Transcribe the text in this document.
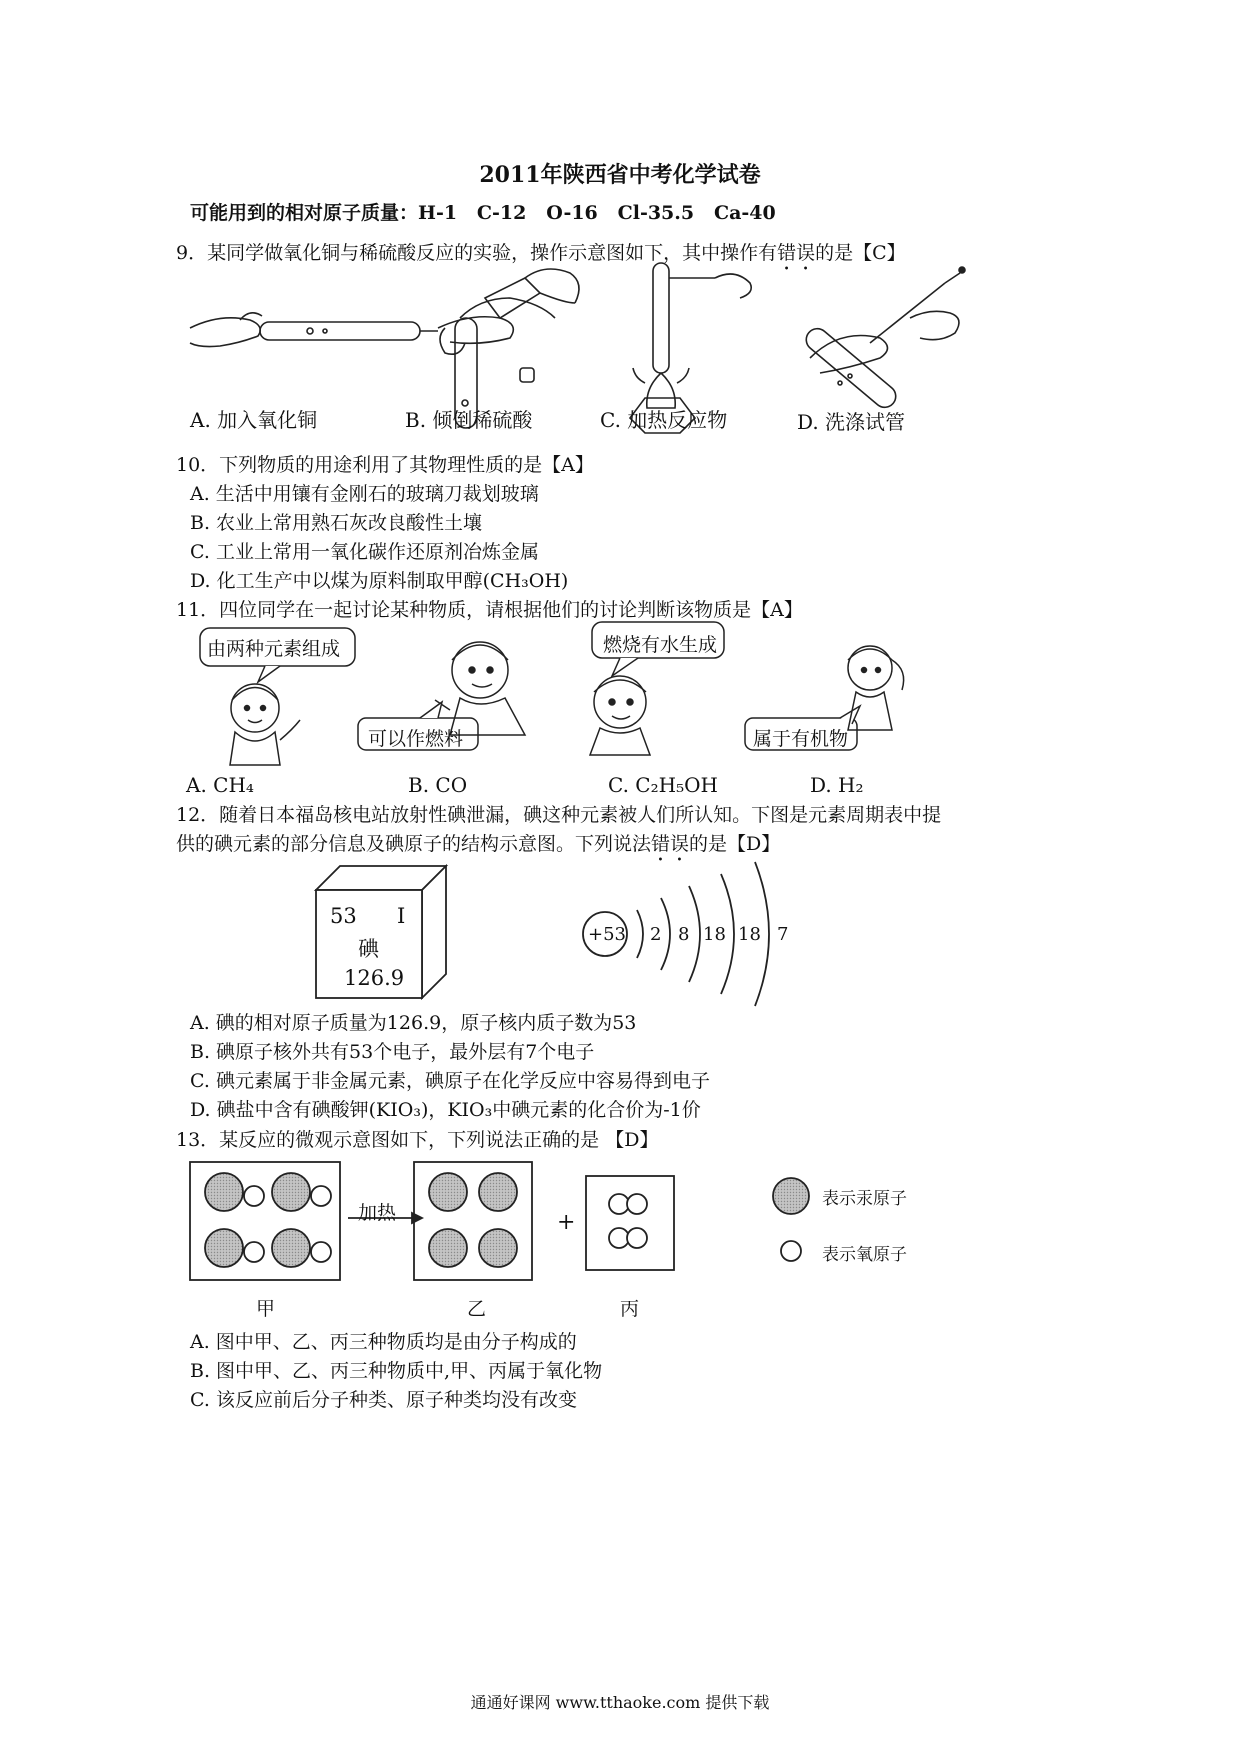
2011年陕西省中考化学试卷
可能用到的相对原子质量：H-1   C-12   O-16   Cl-35.5   Ca-40
9．某同学做氧化铜与稀硫酸反应的实验，操作示意图如下，其中操作有错误的是【C】
A. 加入氧化铜	B. 倾倒稀硫酸	C. 加热反应物	D. 洗涤试管
10．下列物质的用途利用了其物理性质的是【A】
A. 生活中用镶有金刚石的玻璃刀裁划玻璃
B. 农业上常用熟石灰改良酸性土壤
C. 工业上常用一氧化碳作还原剂冶炼金属
D. 化工生产中以煤为原料制取甲醇(CH₃OH)
11．四位同学在一起讨论某种物质，请根据他们的讨论判断该物质是【A】
由两种元素组成
可以作燃料
燃烧有水生成
属于有机物
A. CH₄	B. CO	C. C₂H₅OH	D. H₂
12．随着日本福岛核电站放射性碘泄漏，碘这种元素被人们所认知。下图是元素周期表中提
供的碘元素的部分信息及碘原子的结构示意图。下列说法错误的是【D】
53 I
碘
126.9
+53 2 8 18 18 7
A. 碘的相对原子质量为126.9，原子核内质子数为53
B. 碘原子核外共有53个电子，最外层有7个电子
C. 碘元素属于非金属元素，碘原子在化学反应中容易得到电子
D. 碘盐中含有碘酸钾(KIO₃)，KIO₃中碘元素的化合价为-1价
13．某反应的微观示意图如下，下列说法正确的是 【D】
加热	+
表示汞原子
表示氧原子
甲	乙	丙
A. 图中甲、乙、丙三种物质均是由分子构成的
B. 图中甲、乙、丙三种物质中,甲、丙属于氧化物
C. 该反应前后分子种类、原子种类均没有改变
通通好课网 www.tthaoke.com 提供下载
